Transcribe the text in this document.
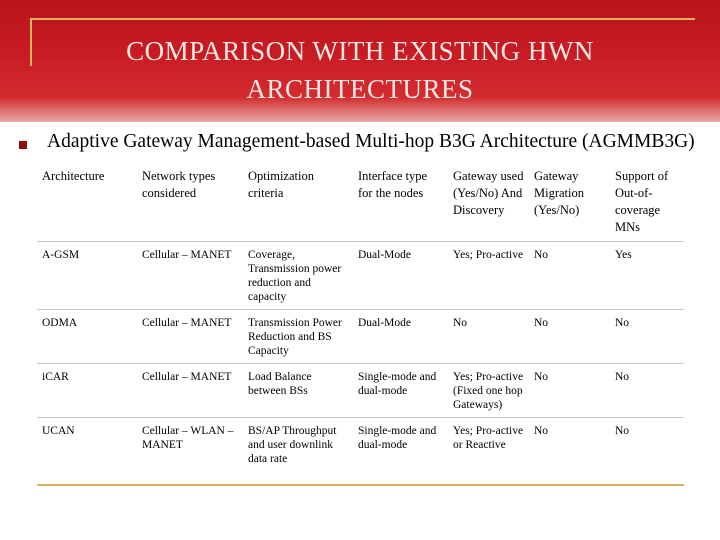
COMPARISON WITH EXISTING HWN ARCHITECTURES

Adaptive Gateway Management-based Multi-hop B3G Architecture (AGMMB3G)

Architecture	Network types considered	Optimization criteria	Interface type for the nodes	Gateway used (Yes/No) And Discovery	Gateway Migration (Yes/No)	Support of Out-of-coverage MNs
A-GSM	Cellular – MANET	Coverage, Transmission power reduction and capacity	Dual-Mode	Yes; Pro-active	No	Yes
ODMA	Cellular – MANET	Transmission Power Reduction and BS Capacity	Dual-Mode	No	No	No
iCAR	Cellular – MANET	Load Balance between BSs	Single-mode and dual-mode	Yes; Pro-active (Fixed one hop Gateways)	No	No
UCAN	Cellular – WLAN – MANET	BS/AP Throughput and user downlink data rate	Single-mode and dual-mode	Yes; Pro-active or Reactive	No	No
